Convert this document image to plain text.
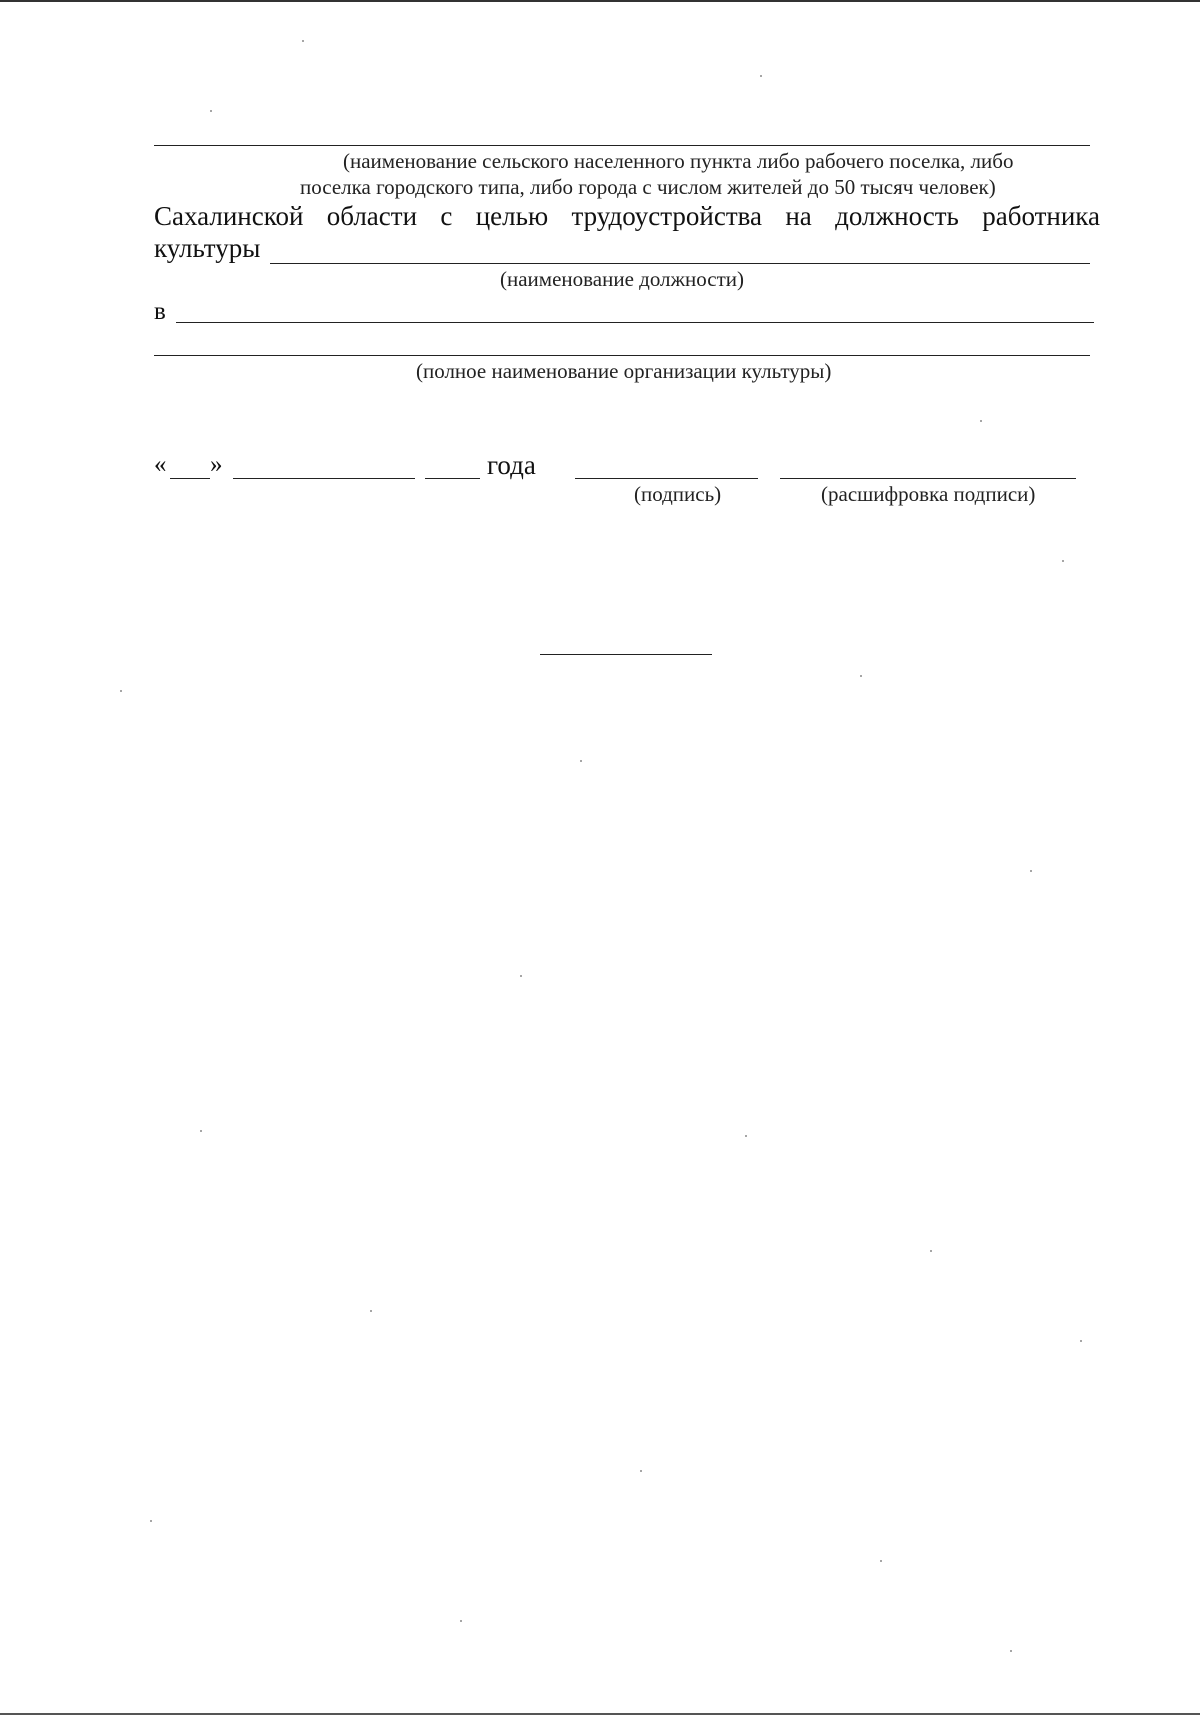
(наименование сельского населенного пункта либо рабочего поселка, либо
поселка городского типа, либо города с числом жителей до 50 тысяч человек)
Сахалинской области с целью трудоустройства на должность работника
культуры
(наименование должности)
в
(полное наименование организации культуры)
« »	года
(подпись)	(расшифровка подписи)
